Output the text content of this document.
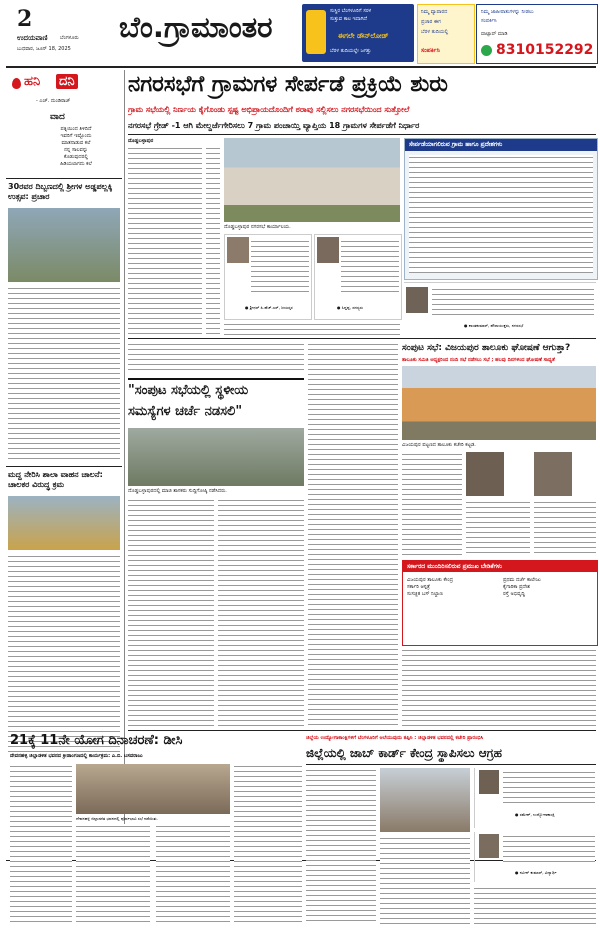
2
ಉದಯವಾಣಿ	ಬೆಂಗಳೂರು
ಬುಧವಾರ, ಜೂನ್ 18, 2025
ಬೆಂ.ಗ್ರಾಮಾಂತರ	ಸುಸ್ಥಿರ ಬೆಂಗಳೂರಿಗೆ ಸರಳ
ಸುತ್ತುವ ಕಾಲ ಇದಾಗಿದೆ
ಈಗಲೇ ಡೌನ್‌ಲೋಡ್
ಬೆರಳ ತುದಿಯಲ್ಲೇ ಜಗತ್ತು
ನಿಮ್ಮ ವ್ಯಾಪಾರದ
ಪ್ರಚಾರ ಈಗ
ಬೆರಳ ತುದಿಯಲ್ಲಿ
ಸಂಪರ್ಕಿಸಿ
ನಿಮ್ಮ ಜಾಹೀರಾತುಗಳನ್ನು ನೀಡಲು
ಸಂಪರ್ಕಿಸಿ
ವಾಟ್ಸಾಪ್ ಮಾಡಿ
8310152292
ಹನಿ ದನಿ
- ಎಚ್. ದುಂಡಿರಾಜ್
ವಾದ
ಪತ್ನಿಯಿಂದ ತಿಳಿದಿದೆ
ಇವರಿಗೆ ಇಷ್ಟೊಂದು
ಮಾತನಾಡುವ ಕಲೆ
ನನ್ನ ಸಾಲವನ್ನು
ಕೊಡುವುದರಲ್ಲಿ
ಹಿಡಿಯಲಾಗದು ಕಲೆ
30ರವರ ದಿಬ್ಬಣದಲ್ಲಿ ಶ್ರೀಗಳ ಅಡ್ಡಪಲ್ಲಕ್ಕಿ ಉತ್ಸವ: ಪ್ರಚಾರ
ಮದ್ದ ನೇರಿಸಿ ಶಾಲಾ ವಾಹನ ಚಾಲನೆ: ಚಾಲಕರ ವಿರುದ್ಧ ಕ್ರಮ
ನಗರಸಭೆಗೆ ಗ್ರಾಮಗಳ ಸೇರ್ಪಡೆ ಪ್ರಕ್ರಿಯೆ ಶುರು
ಗ್ರಾಮ ಸಭೆಯಲ್ಲಿ ನಿರ್ಣಯ ಕೈಗೊಂಡು ಸ್ಪಷ್ಟ ಅಭಿಪ್ರಾಯದೊಂದಿಗೆ ಠರಾವು ಸಲ್ಲಿಸಲು ನಗರಸಭೆಯಿಂದ ಸುತ್ತೋಲೆ
ನಗರಸಭೆ ಗ್ರೇಡ್ -1 ಆಗಿ ಮೇಲ್ದರ್ಜೆಗೇರಿಸಲು 7 ಗ್ರಾಮ ಪಂಚಾಯ್ತಿ ವ್ಯಾಪ್ತಿಯ 18 ಗ್ರಾಮಗಳ ಸೇರ್ಪಡೆಗೆ ನಿರ್ಧಾರ
ದೊಡ್ಡಬಳ್ಳಾಪುರ
ದೊಡ್ಡಬಳ್ಳಾಪುರ ನಗರಸಭೆ ಕಾರ್ಯಾಲಯ.
● ಶ್ರೀಧರ್ ಪಿ.ಹೆಚ್.ಎಸ್, ಜಯಸ್ಕರ	● ಸಿದ್ದಪ್ಪ, ಸದಸ್ಯರು
ಸೇರ್ಪಡೆಯಾಗಲಿರುವ ಗ್ರಾಮ ಹಾಗೂ ಪ್ರದೇಶಗಳು
● ಶಾಂತಕುಮಾರ್, ಪೌರಾಯುಕ್ತರು, ನಗರಸಭೆ
"ಸಂಪುಟ ಸಭೆಯಲ್ಲಿ ಸ್ಥಳೀಯ
ಸಮಸ್ಯೆಗಳ ಚರ್ಚೆ ನಡಸಲಿ"
ದೊಡ್ಡಬಳ್ಳಾಪುರದಲ್ಲಿ ಮಾಜಿ ಶಾಸಕರು ಸುದ್ದಿಗೋಷ್ಠಿ ನಡೆಸಿದರು.
ಸಂಪುಟ ಸಭೆ: ವಿಜಯಪುರ ತಾಲೂಕು ಘೋಷಣೆ ಆಗುತ್ತಾ?
ತಾಲೂಕು ಸಮಿತಿ ಅಧ್ಯಕ್ಷರಿಂದ ನಂದಿ ಸಭೆ ನಡೆಸಲು ಸಭೆ ; ಹಲವು ದಿನಗಳಿಂದ ಘೋಷಣೆ ಸಾಧ್ಯತೆ
ವಿಜಯಪುರ ಪಟ್ಟಣದ ತಾಲೂಕು ಕಚೇರಿ ಕಟ್ಟಡ.
ಸರ್ಕಾರದ ಮುಂದಿರಿಸಲಿರುವ ಪ್ರಮುಖ ಬೇಡಿಕೆಗಳು
ವಿಜಯಪುರ ತಾಲೂಕು ಕೇಂದ್ರ
ಸರ್ಕಾರಿ ಆಸ್ಪತ್ರೆ
ಸುಸಜ್ಜಿತ ಬಸ್ ನಿಲ್ದಾಣ
ಪ್ರಥಮ ದರ್ಜೆ ಕಾಲೇಜು
ಕೈಗಾರಿಕಾ ಪ್ರದೇಶ
ರಸ್ತೆ ಅಭಿವೃದ್ಧಿ
21ಕ್ಕೆ 11ನೇ ಯೋಗ ದಿನಾಚರಣೆ: ಡೀಸಿ
ದೇವನಹಳ್ಳಿ ಜಿಲ್ಲಾಡಳಿತ ಭವನದ ಕ್ರೀಡಾಂಗಣದಲ್ಲಿ ಕಾರ್ಯಕ್ರಮ: ಎ.ಬಿ. ಬಸವರಾಜು
ದೇವನಹಳ್ಳಿ ಜಿಲ್ಲಾಡಳಿತ ಭವನದಲ್ಲಿ ಪೂರ್ವಭಾವಿ ಸಭೆ ನಡೆಯಿತು.
ಜಿಲ್ಲೆಯ ಉದ್ಯೋಗಾಕಾಂಕ್ಷಿಗಳಿಗೆ ಬೆಂಗಳೂರಿಗೆ ಅಲೆಯುವುದು ತಪ್ಪಿಸಿ : ಜಿಲ್ಲಾಡಳಿತ ಭವನದಲ್ಲಿ ಕಚೇರಿ ಪ್ರಾರಂಭಿಸಿ
ಜಿಲ್ಲೆಯಲ್ಲಿ ಜಾಬ್ ಕಾರ್ಡ್ ಕೇಂದ್ರ ಸ್ಥಾಪಿಸಲು ಆಗ್ರಹ
● ರಮೇಶ್, ಉದ್ಯೋಗಾಕಾಂಕ್ಷಿ
● ನವೀನ್ ಕುಮಾರ್, ವಿದ್ಯಾರ್ಥಿ
